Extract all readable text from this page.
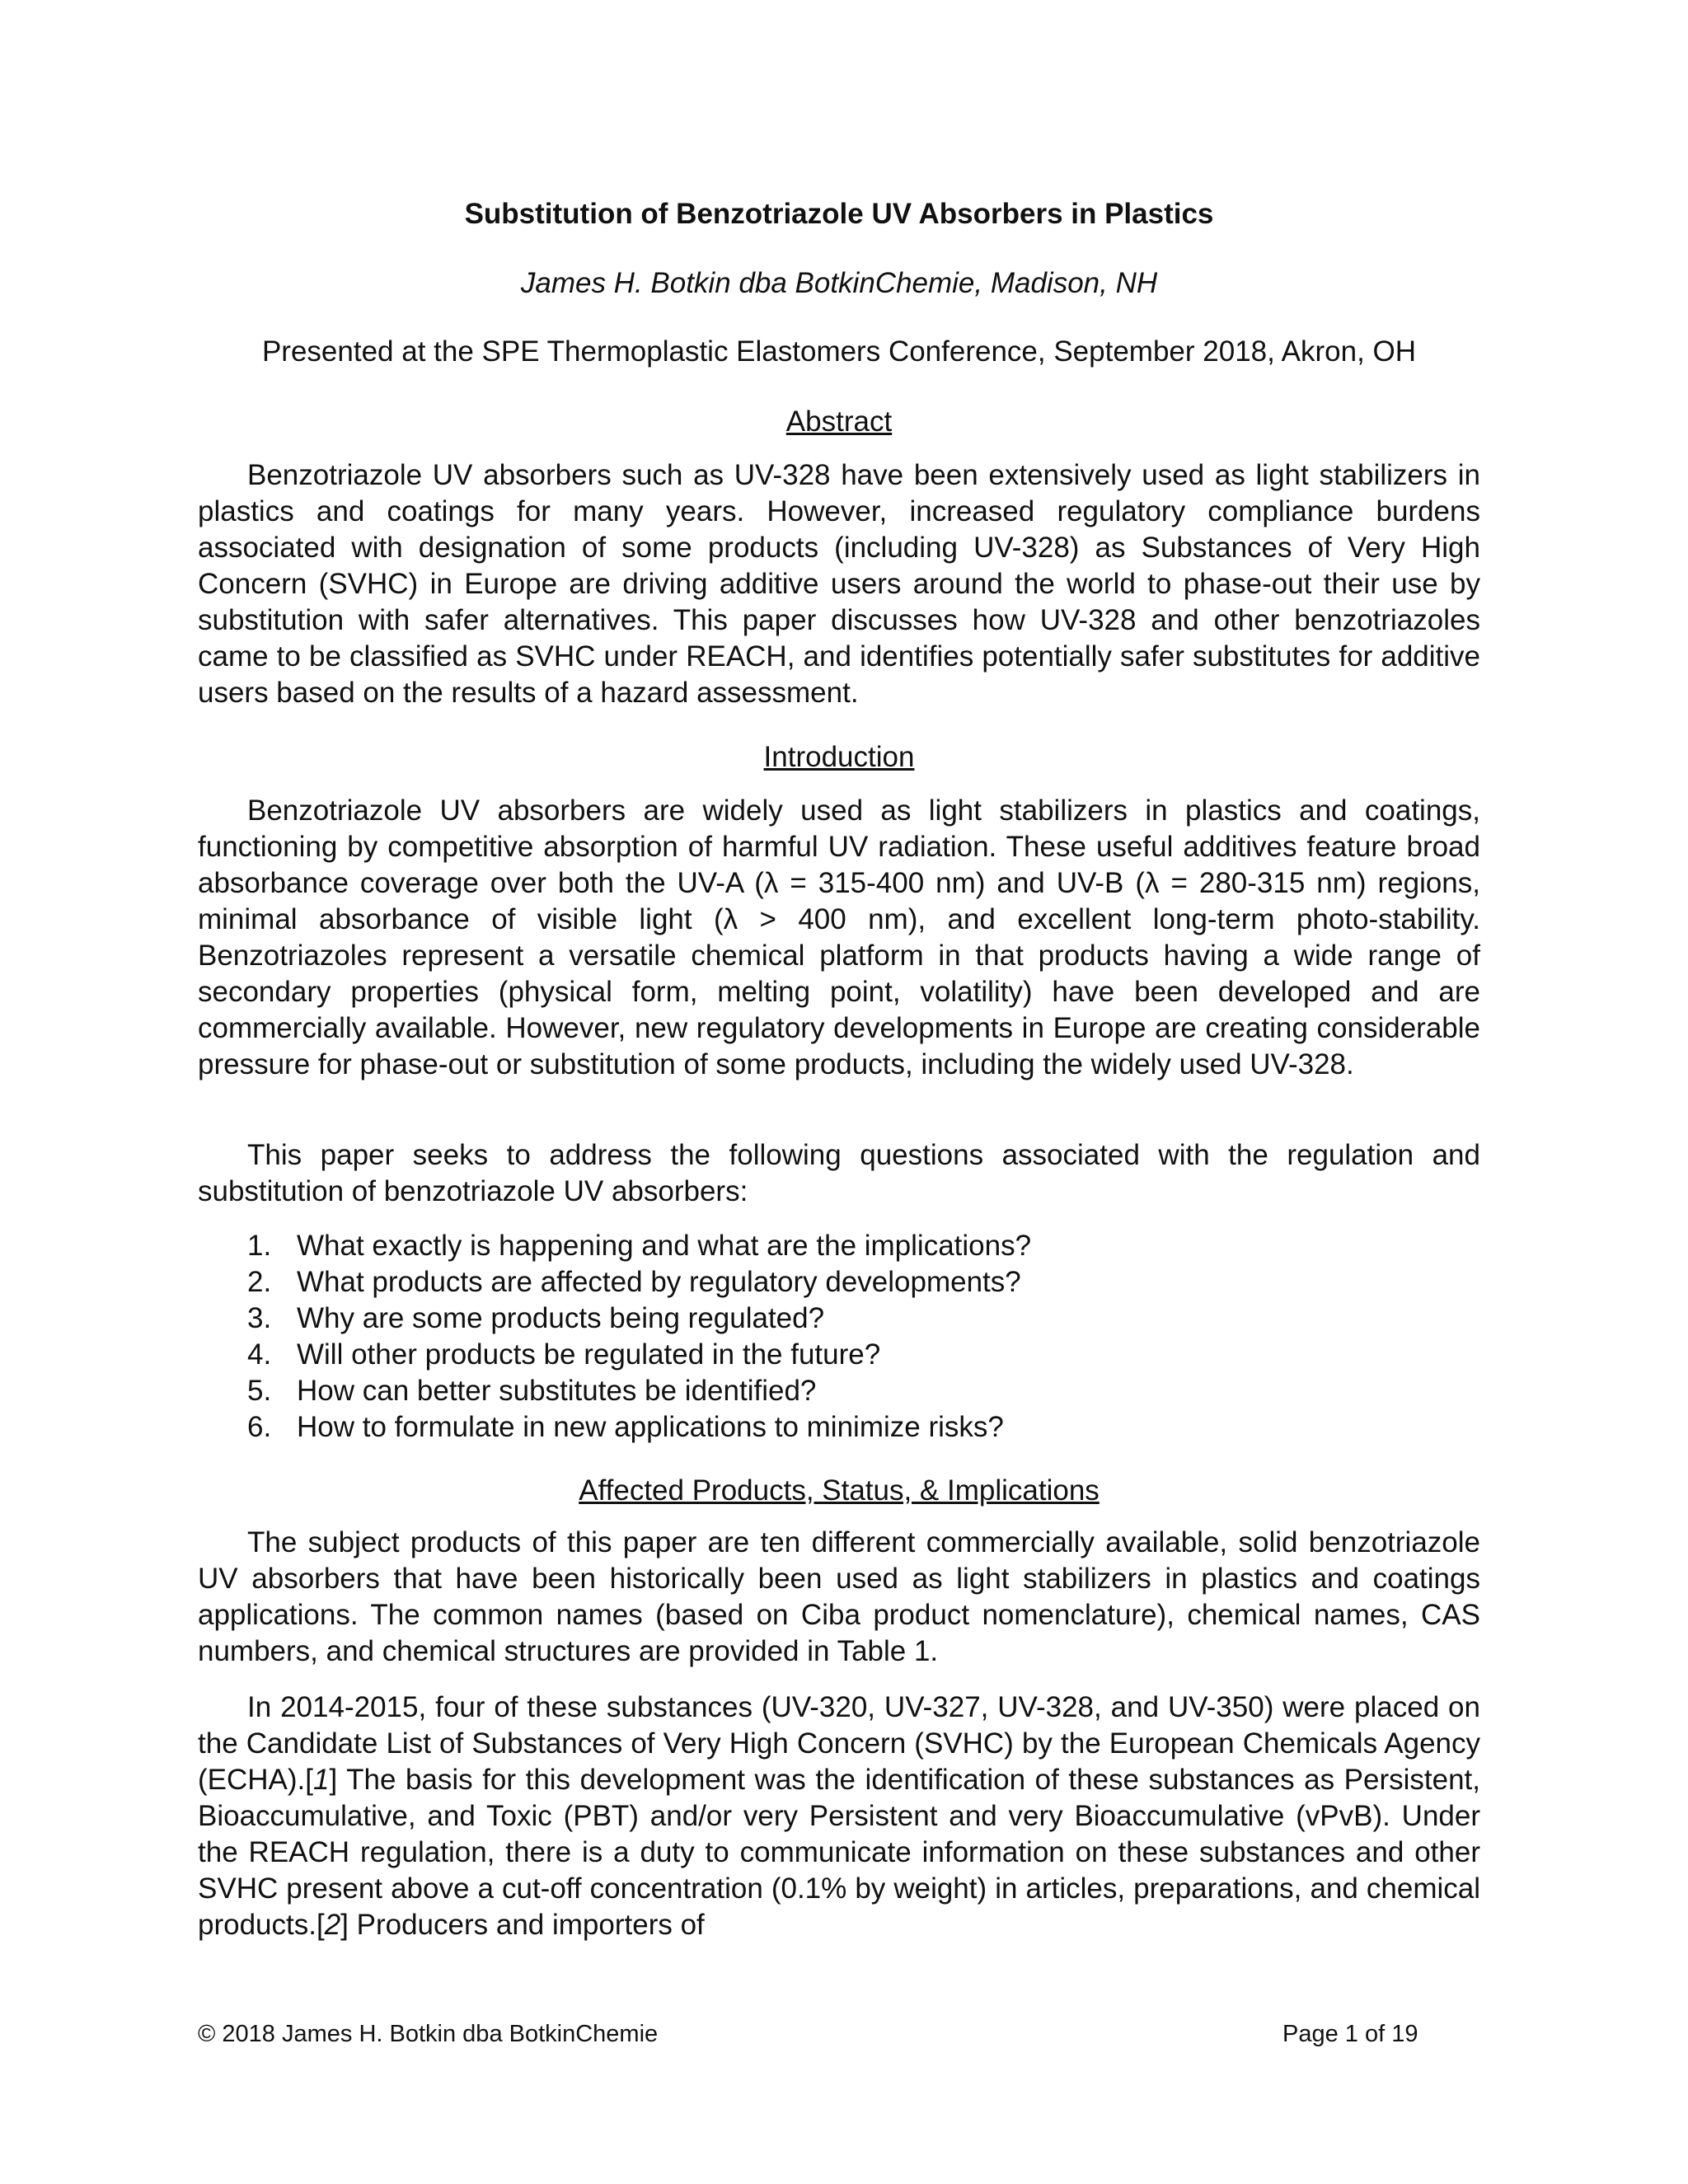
Substitution of Benzotriazole UV Absorbers in Plastics
James H. Botkin dba BotkinChemie, Madison, NH
Presented at the SPE Thermoplastic Elastomers Conference, September 2018, Akron, OH
Abstract

Benzotriazole UV absorbers such as UV-328 have been extensively used as light stabilizers in plastics and coatings for many years. However, increased regulatory compliance burdens associated with designation of some products (including UV-328) as Substances of Very High Concern (SVHC) in Europe are driving additive users around the world to phase-out their use by substitution with safer alternatives. This paper discusses how UV-328 and other benzotriazoles came to be classified as SVHC under REACH, and identifies potentially safer substitutes for additive users based on the results of a hazard assessment.

Introduction

Benzotriazole UV absorbers are widely used as light stabilizers in plastics and coatings, functioning by competitive absorption of harmful UV radiation. These useful additives feature broad absorbance coverage over both the UV-A (λ = 315-400 nm) and UV-B (λ = 280-315 nm) regions, minimal absorbance of visible light (λ > 400 nm), and excellent long-term photo-stability. Benzotriazoles represent a versatile chemical platform in that products having a wide range of secondary properties (physical form, melting point, volatility) have been developed and are commercially available. However, new regulatory developments in Europe are creating considerable pressure for phase-out or substitution of some products, including the widely used UV-328.

This paper seeks to address the following questions associated with the regulation and substitution of benzotriazole UV absorbers:

1. What exactly is happening and what are the implications?
2. What products are affected by regulatory developments?
3. Why are some products being regulated?
4. Will other products be regulated in the future?
5. How can better substitutes be identified?
6. How to formulate in new applications to minimize risks?
Affected Products, Status, & Implications

The subject products of this paper are ten different commercially available, solid benzotriazole UV absorbers that have been historically been used as light stabilizers in plastics and coatings applications. The common names (based on Ciba product nomenclature), chemical names, CAS numbers, and chemical structures are provided in Table 1.

In 2014-2015, four of these substances (UV-320, UV-327, UV-328, and UV-350) were placed on the Candidate List of Substances of Very High Concern (SVHC) by the European Chemicals Agency (ECHA).[1] The basis for this development was the identification of these substances as Persistent, Bioaccumulative, and Toxic (PBT) and/or very Persistent and very Bioaccumulative (vPvB). Under the REACH regulation, there is a duty to communicate information on these substances and other SVHC present above a cut-off concentration (0.1% by weight) in articles, preparations, and chemical products.[2] Producers and importers of

© 2018 James H. Botkin dba BotkinChemie	Page 1 of 19
